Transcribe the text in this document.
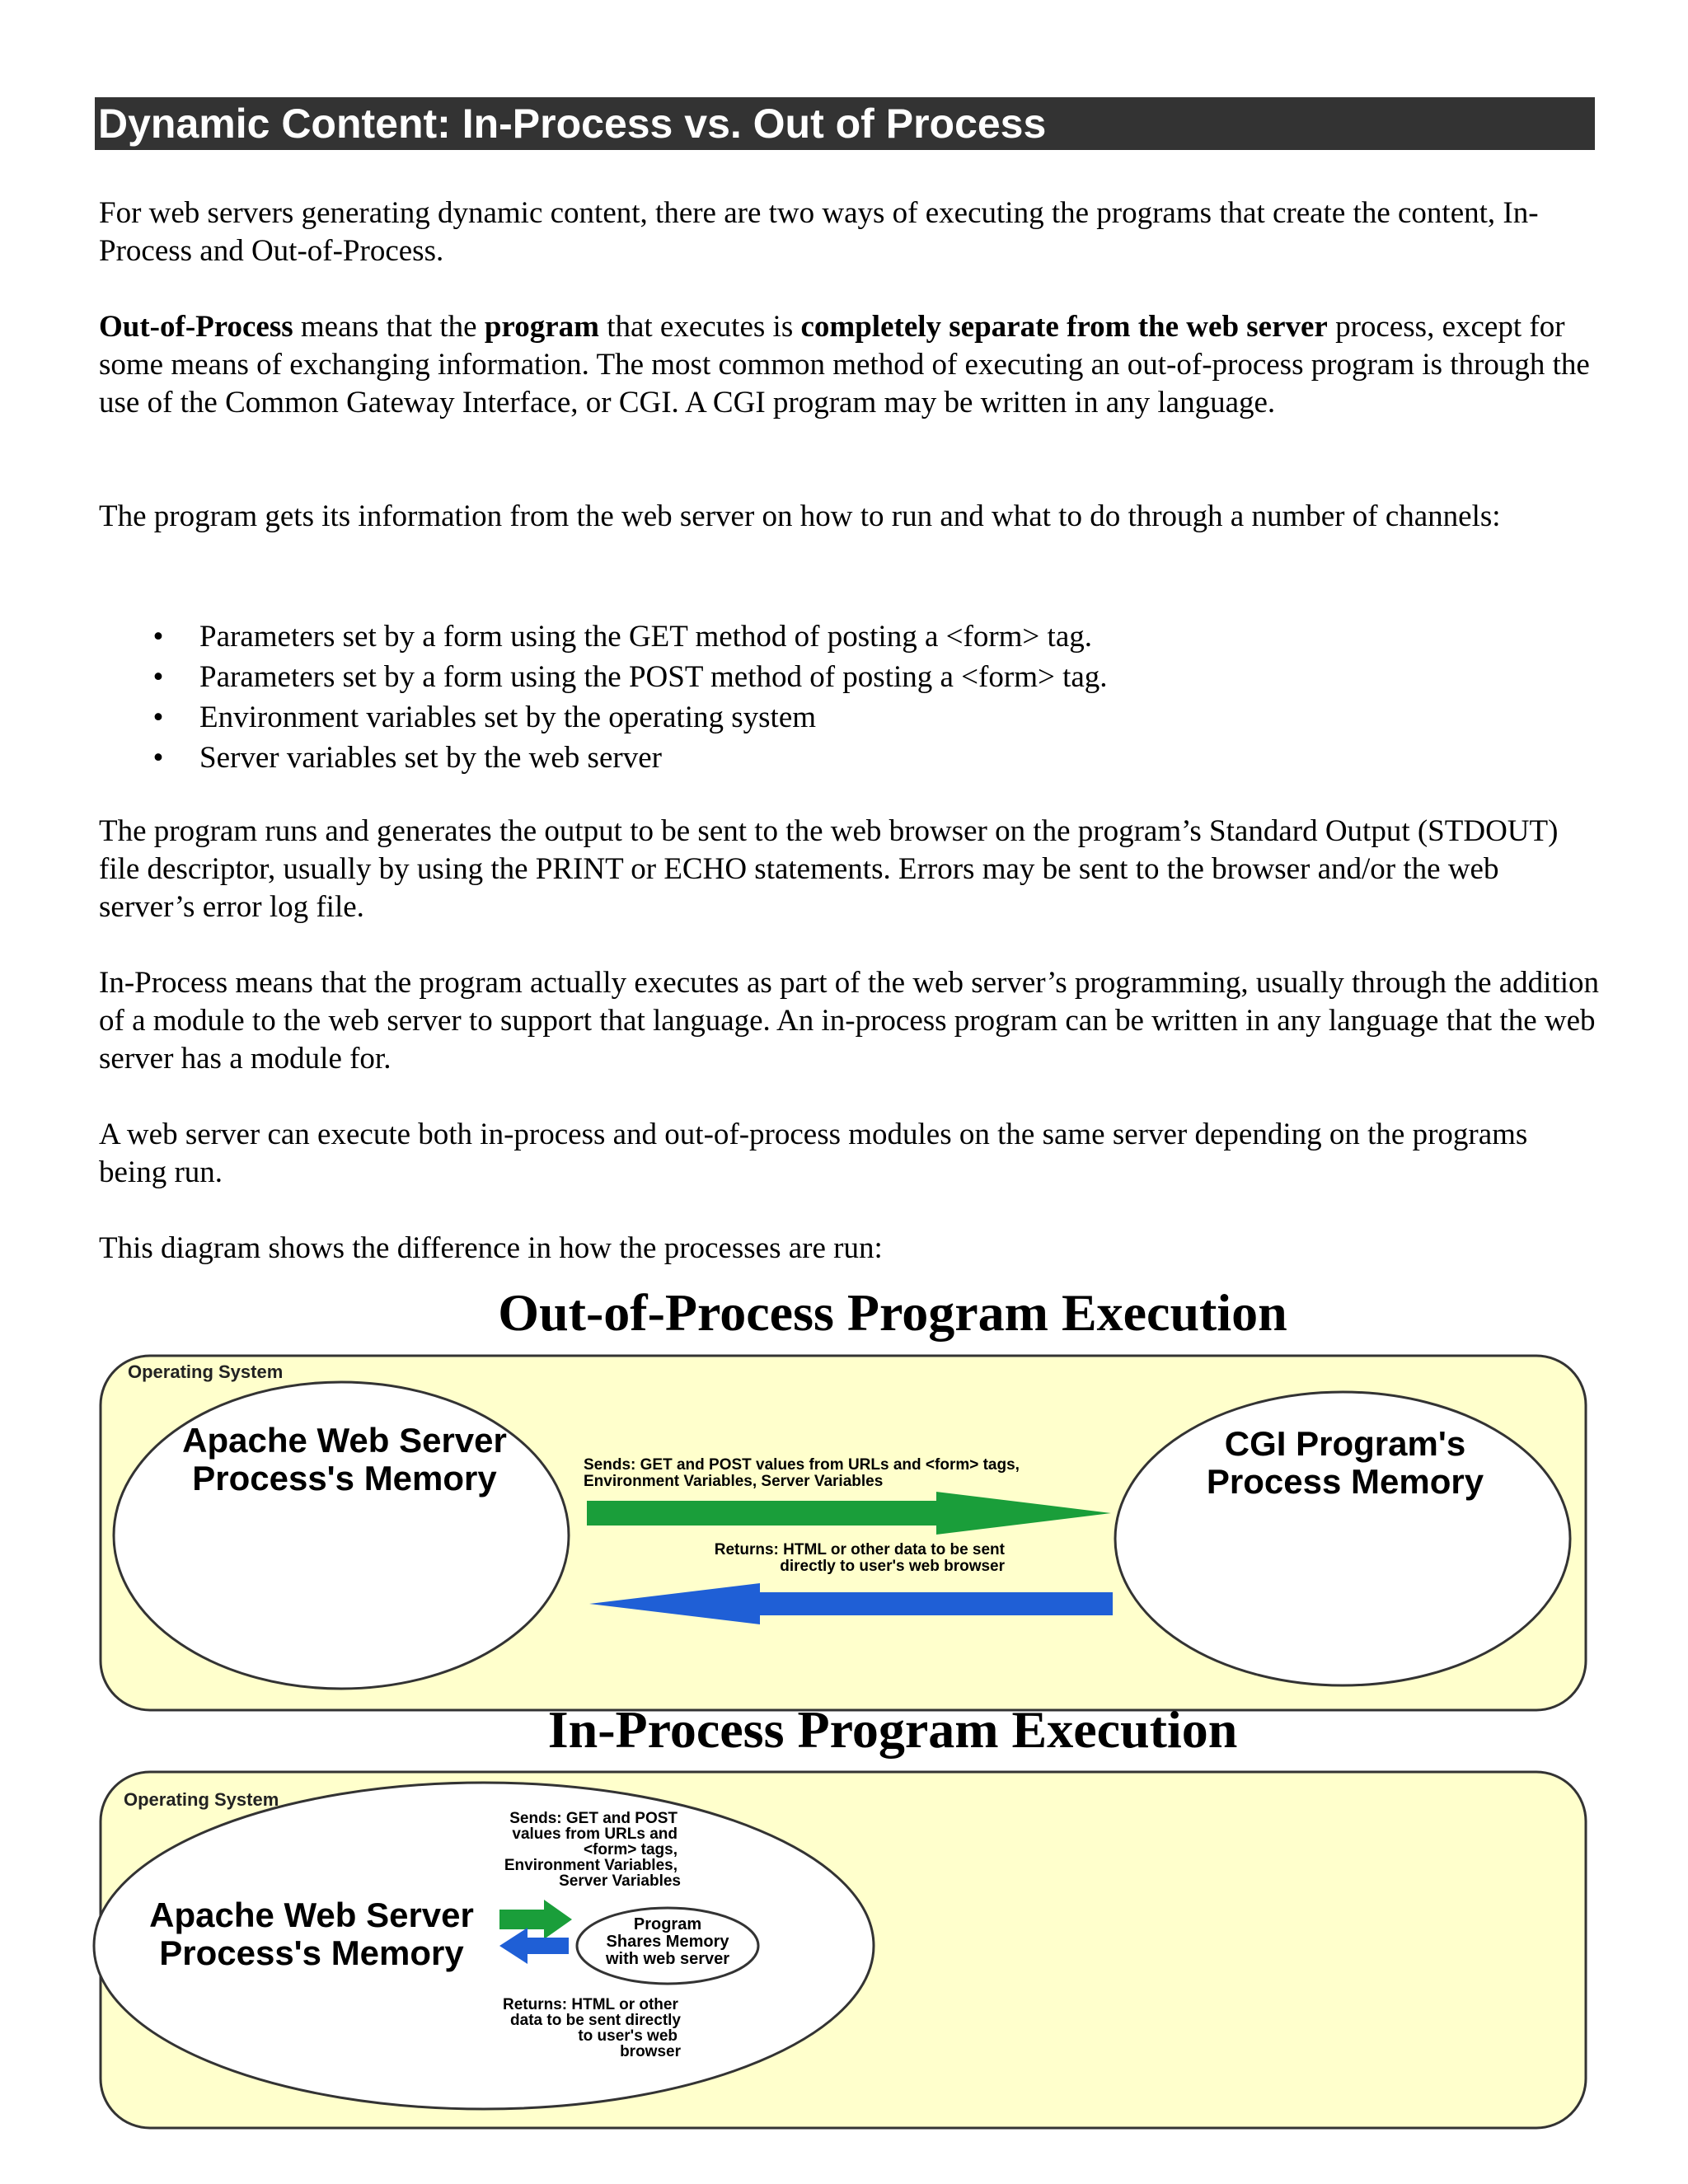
Dynamic Content: In-Process vs. Out of Process

For web servers generating dynamic content, there are two ways of executing the programs that create the content, In-Process and Out-of-Process.

Out-of-Process means that the program that executes is completely separate from the web server process, except for some means of exchanging information. The most common method of executing an out-of-process program is through the use of the Common Gateway Interface, or CGI. A CGI program may be written in any language.

The program gets its information from the web server on how to run and what to do through a number of channels:

• Parameters set by a form using the GET method of posting a <form> tag.
• Parameters set by a form using the POST method of posting a <form> tag.
• Environment variables set by the operating system
• Server variables set by the web server

The program runs and generates the output to be sent to the web browser on the program’s Standard Output (STDOUT) file descriptor, usually by using the PRINT or ECHO statements. Errors may be sent to the browser and/or the web server’s error log file.

In-Process means that the program actually executes as part of the web server’s programming, usually through the addition of a module to the web server to support that language. An in-process program can be written in any language that the web server has a module for.

A web server can execute both in-process and out-of-process modules on the same server depending on the programs being run.

This diagram shows the difference in how the processes are run:

Out-of-Process Program Execution
Operating System
Apache Web Server
Process's Memory
CGI Program's
Process Memory
Sends: GET and POST values from URLs and <form> tags,
Environment Variables, Server Variables
Returns: HTML or other data to be sent
directly to user's web browser
In-Process Program Execution
Operating System
Apache Web Server
Process's Memory
Sends: GET and POST
values from URLs and
<form> tags,
Environment Variables,
Server Variables
Program
Shares Memory
with web server
Returns: HTML or other
data to be sent directly
to user's web
browser
